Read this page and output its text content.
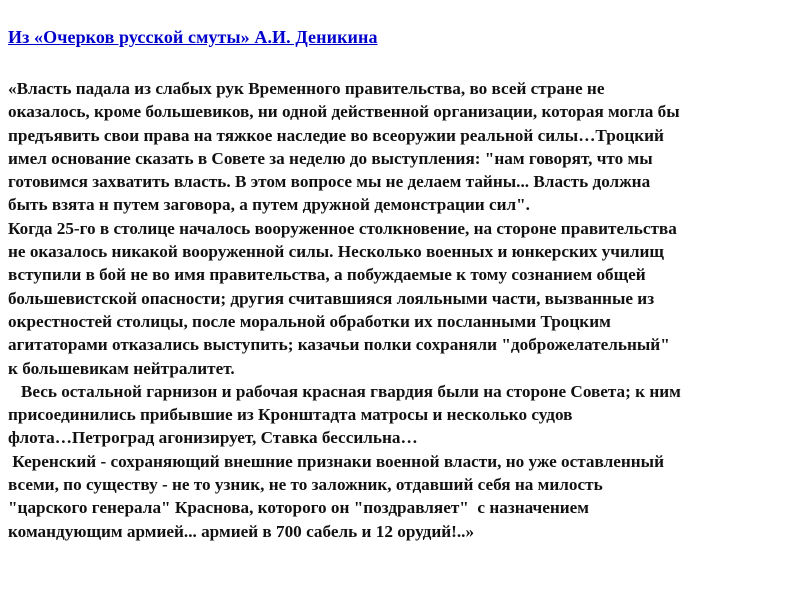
Из «Очерков русской смуты» А.И. Деникина
«Власть падала из слабых рук Временного правительства, во всей стране не
оказалось, кроме большевиков, ни одной действенной организации, которая могла бы
предъявить свои права на тяжкое наследие во всеоружии реальной силы…Троцкий
имел основание сказать в Совете за неделю до выступления: "нам говорят, что мы
готовимся захватить власть. В этом вопросе мы не делаем тайны... Власть должна
быть взята н путем заговора, а путем дружной демонстрации сил".
Когда 25-го в столице началось вооруженное столкновение, на стороне правительства
не оказалось никакой вооруженной силы. Несколько военных и юнкерских училищ
вступили в бой не во имя правительства, а побуждаемые к тому сознанием общей
большевистской опасности; другия считавшияся лояльными части, вызванные из
окрестностей столицы, после моральной обработки их посланными Троцким
агитаторами отказались выступить; казачьи полки сохраняли "доброжелательный"
к большевикам нейтралитет.
Весь остальной гарнизон и рабочая красная гвардия были на стороне Совета; к ним
присоединились прибывшие из Кронштадта матросы и несколько судов
флота…Петроград агонизирует, Ставка бессильна…
Керенский - сохраняющий внешние признаки военной власти, но уже оставленный
всеми, по существу - не то узник, не то заложник, отдавший себя на милость
"царского генерала" Краснова, которого он "поздравляет"  с назначением
командующим армией... армией в 700 сабель и 12 орудий!..»
